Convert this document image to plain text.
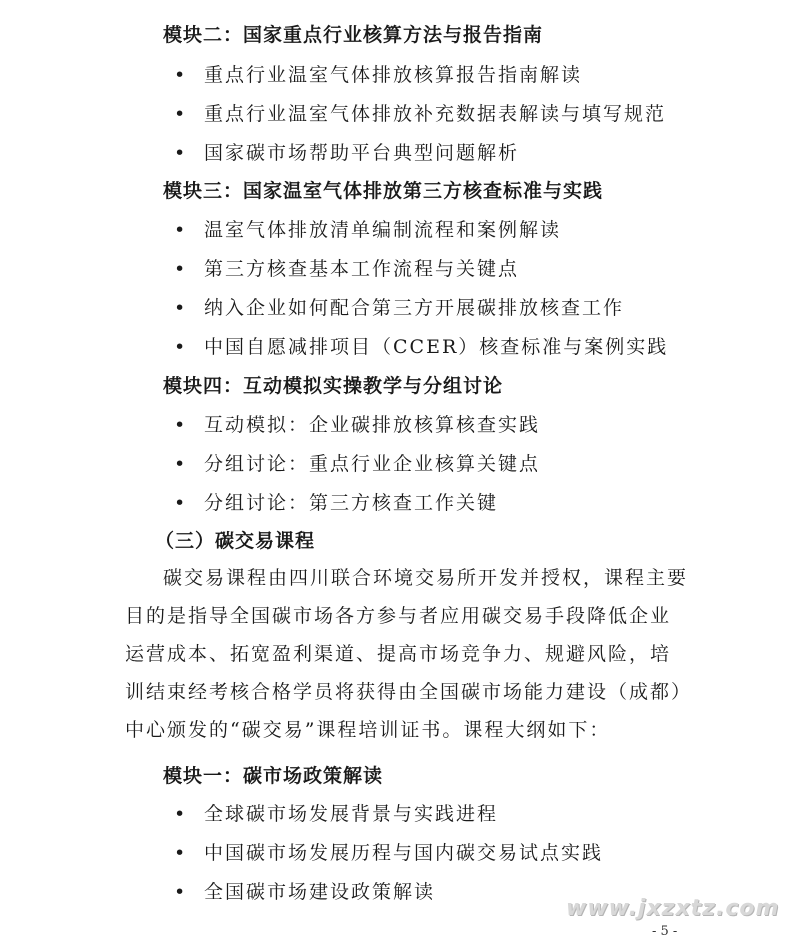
模块二：国家重点行业核算方法与报告指南
• 重点行业温室气体排放核算报告指南解读
• 重点行业温室气体排放补充数据表解读与填写规范
• 国家碳市场帮助平台典型问题解析
模块三：国家温室气体排放第三方核查标准与实践
• 温室气体排放清单编制流程和案例解读
• 第三方核查基本工作流程与关键点
• 纳入企业如何配合第三方开展碳排放核查工作
• 中国自愿减排项目（CCER）核查标准与案例实践
模块四：互动模拟实操教学与分组讨论
• 互动模拟：企业碳排放核算核查实践
• 分组讨论：重点行业企业核算关键点
• 分组讨论：第三方核查工作关键
（三）碳交易课程
碳交易课程由四川联合环境交易所开发并授权，课程主要目的是指导全国碳市场各方参与者应用碳交易手段降低企业运营成本、拓宽盈利渠道、提高市场竞争力、规避风险，培训结束经考核合格学员将获得由全国碳市场能力建设（成都）中心颁发的“碳交易”课程培训证书。课程大纲如下：
模块一：碳市场政策解读
• 全球碳市场发展背景与实践进程
• 中国碳市场发展历程与国内碳交易试点实践
• 全国碳市场建设政策解读
www.jxzxtz.com
- 5 -
